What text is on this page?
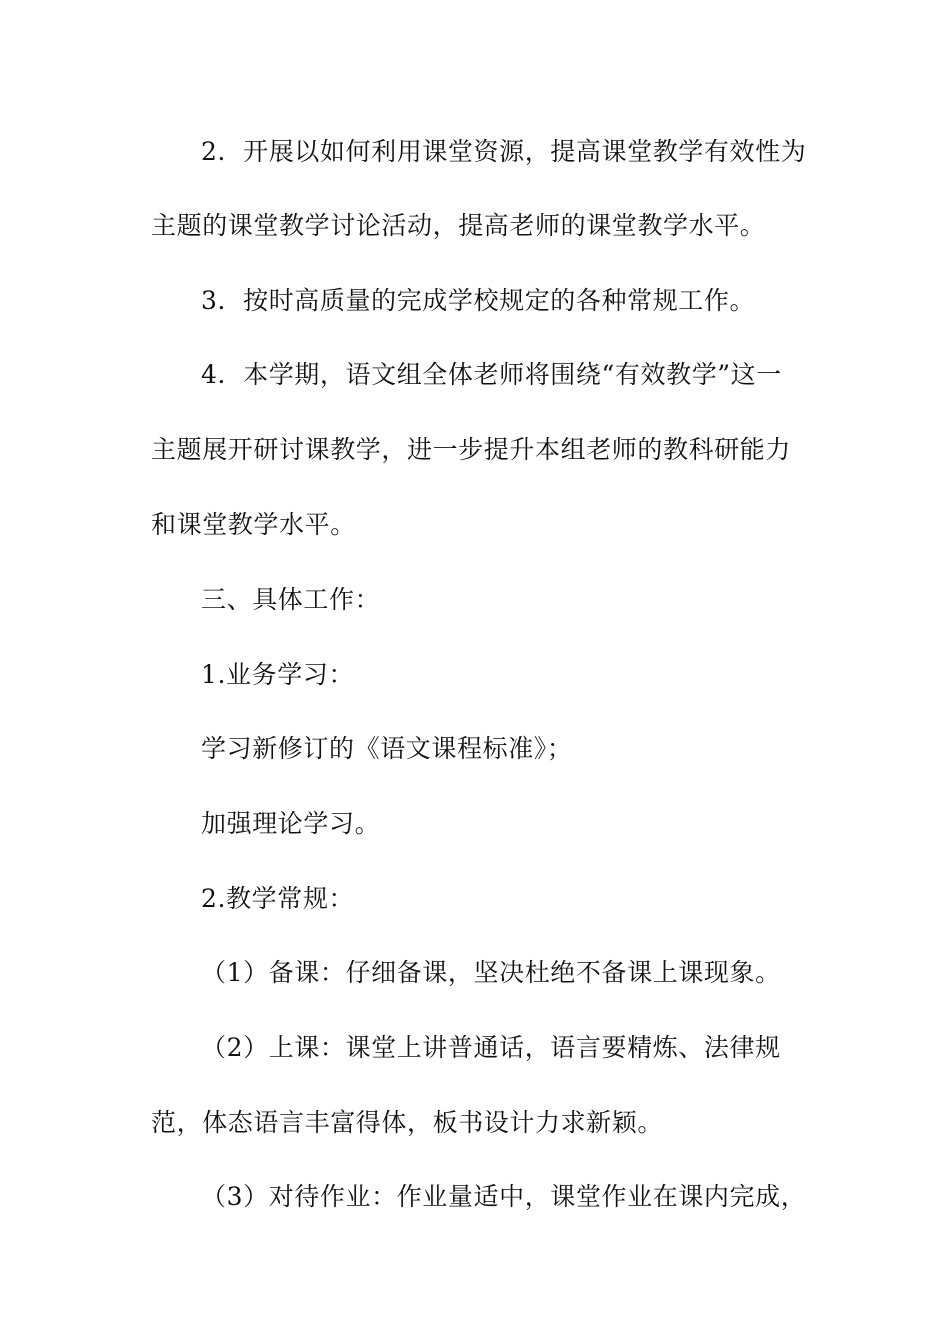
2．开展以如何利用课堂资源，提高课堂教学有效性为
主题的课堂教学讨论活动，提高老师的课堂教学水平。
3．按时高质量的完成学校规定的各种常规工作。
4．本学期，语文组全体老师将围绕“有效教学”这一
主题展开研讨课教学，进一步提升本组老师的教科研能力
和课堂教学水平。
三、具体工作：
1.业务学习：
学习新修订的《语文课程标准》；
加强理论学习。
2.教学常规：
（1）备课：仔细备课，坚决杜绝不备课上课现象。
（2）上课：课堂上讲普通话，语言要精炼、法律规
范，体态语言丰富得体，板书设计力求新颖。
（3）对待作业：作业量适中，课堂作业在课内完成，
